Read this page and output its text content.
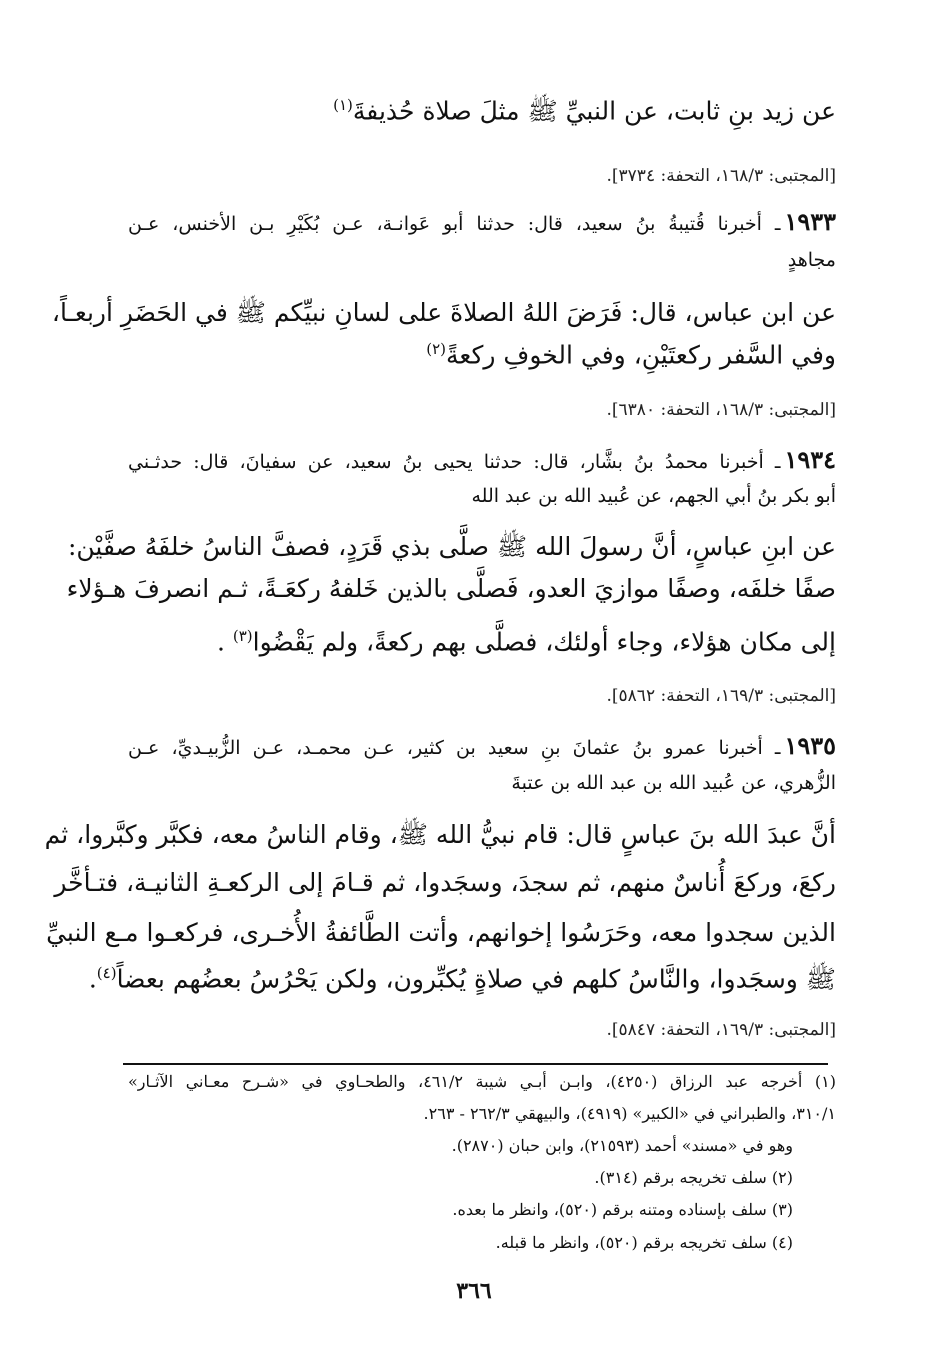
عن زيد بنِ ثابت، عن النبيِّ ﷺ مثلَ صلاة حُذيفةَ$^{(١)}$
[المجتبى: ١٦٨/٣، التحفة: ٣٧٣٤].
١٩٣٣ـ أخبرنا قُتيبةُ بنُ سعيد، قال: حدثنا أبو عَوانـة، عـن بُكَيْرِ بـن الأخنس، عـن
مجاهدٍ
عن ابن عباس، قال: فَرَضَ اللهُ الصلاةَ على لسانِ نبيِّكم ﷺ في الحَضَرِ أربعـاً،
وفي السَّفر ركعتَيْنِ، وفي الخوفِ ركعةً$^{(٢)}$
[المجتبى: ١٦٨/٣، التحفة: ٦٣٨٠].
١٩٣٤ـ أخبرنا محمدُ بنُ بشَّار، قال: حدثنا يحيى بنُ سعيد، عن سفيانَ، قال: حدثـني
أبو بكر بنُ أبي الجهم، عن عُبيد الله بن عبد الله
عن ابنِ عباسٍ، أنَّ رسولَ الله ﷺ صلَّى بذي قَرَدٍ، فصفَّ الناسُ خلفَهُ صفَّيْن:
صفًا خلفَه، وصفًا موازيَ العدو، فَصلَّى بالذين خَلفهُ ركعَـةً، ثـم انصرفَ هـؤلاء
إلى مكان هؤلاء، وجاء أولئك، فصلَّى بهم ركعةً، ولم يَقْضُوا$^{(٣)}$ .
[المجتبى: ١٦٩/٣، التحفة: ٥٨٦٢].
١٩٣٥ـ أخبرنا عمرو بنُ عثمانَ بنِ سعيد بن كثير، عـن محمـد، عـن الزُّبيـديِّ، عـن
الزُّهري، عن عُبيد الله بن عبد الله بن عتبةَ
أنَّ عبدَ الله بنَ عباسٍ قال: قام نبيُّ الله ﷺ، وقام الناسُ معه، فكبَّر وكبَّروا، ثم
ركعَ، وركعَ أُناسٌ منهم، ثم سجدَ، وسجَدوا، ثم قـامَ إلى الركعـةِ الثانيـة، فتـأخَّر
الذين سجدوا معه، وحَرَسُوا إخوانهم، وأتت الطَّائفةُ الأُخـرى، فركعـوا مـع النبيِّ
ﷺ وسجَدوا، والنَّاسُ كلهم في صلاةٍ يُكبِّرون، ولكن يَحْرُسُ بعضُهم بعضاً$^{(٤)}$.
[المجتبى: ١٦٩/٣، التحفة: ٥٨٤٧].
(١) أخرجه عبد الرزاق (٤٢٥٠)، وابـن أبـي شيبة ٤٦١/٢، والطحـاوي في «شـرح معـاني الآثـار»
٣١٠/١، والطبراني في «الكبير» (٤٩١٩)، والبيهقي ٢٦٢/٣ - ٢٦٣.
وهو في «مسند» أحمد (٢١٥٩٣)، وابن حبان (٢٨٧٠).
(٢) سلف تخريجه برقم (٣١٤).
(٣) سلف بإسناده ومتنه برقم (٥٢٠)، وانظر ما بعده.
(٤) سلف تخريجه برقم (٥٢٠)، وانظر ما قبله.
٣٦٦
